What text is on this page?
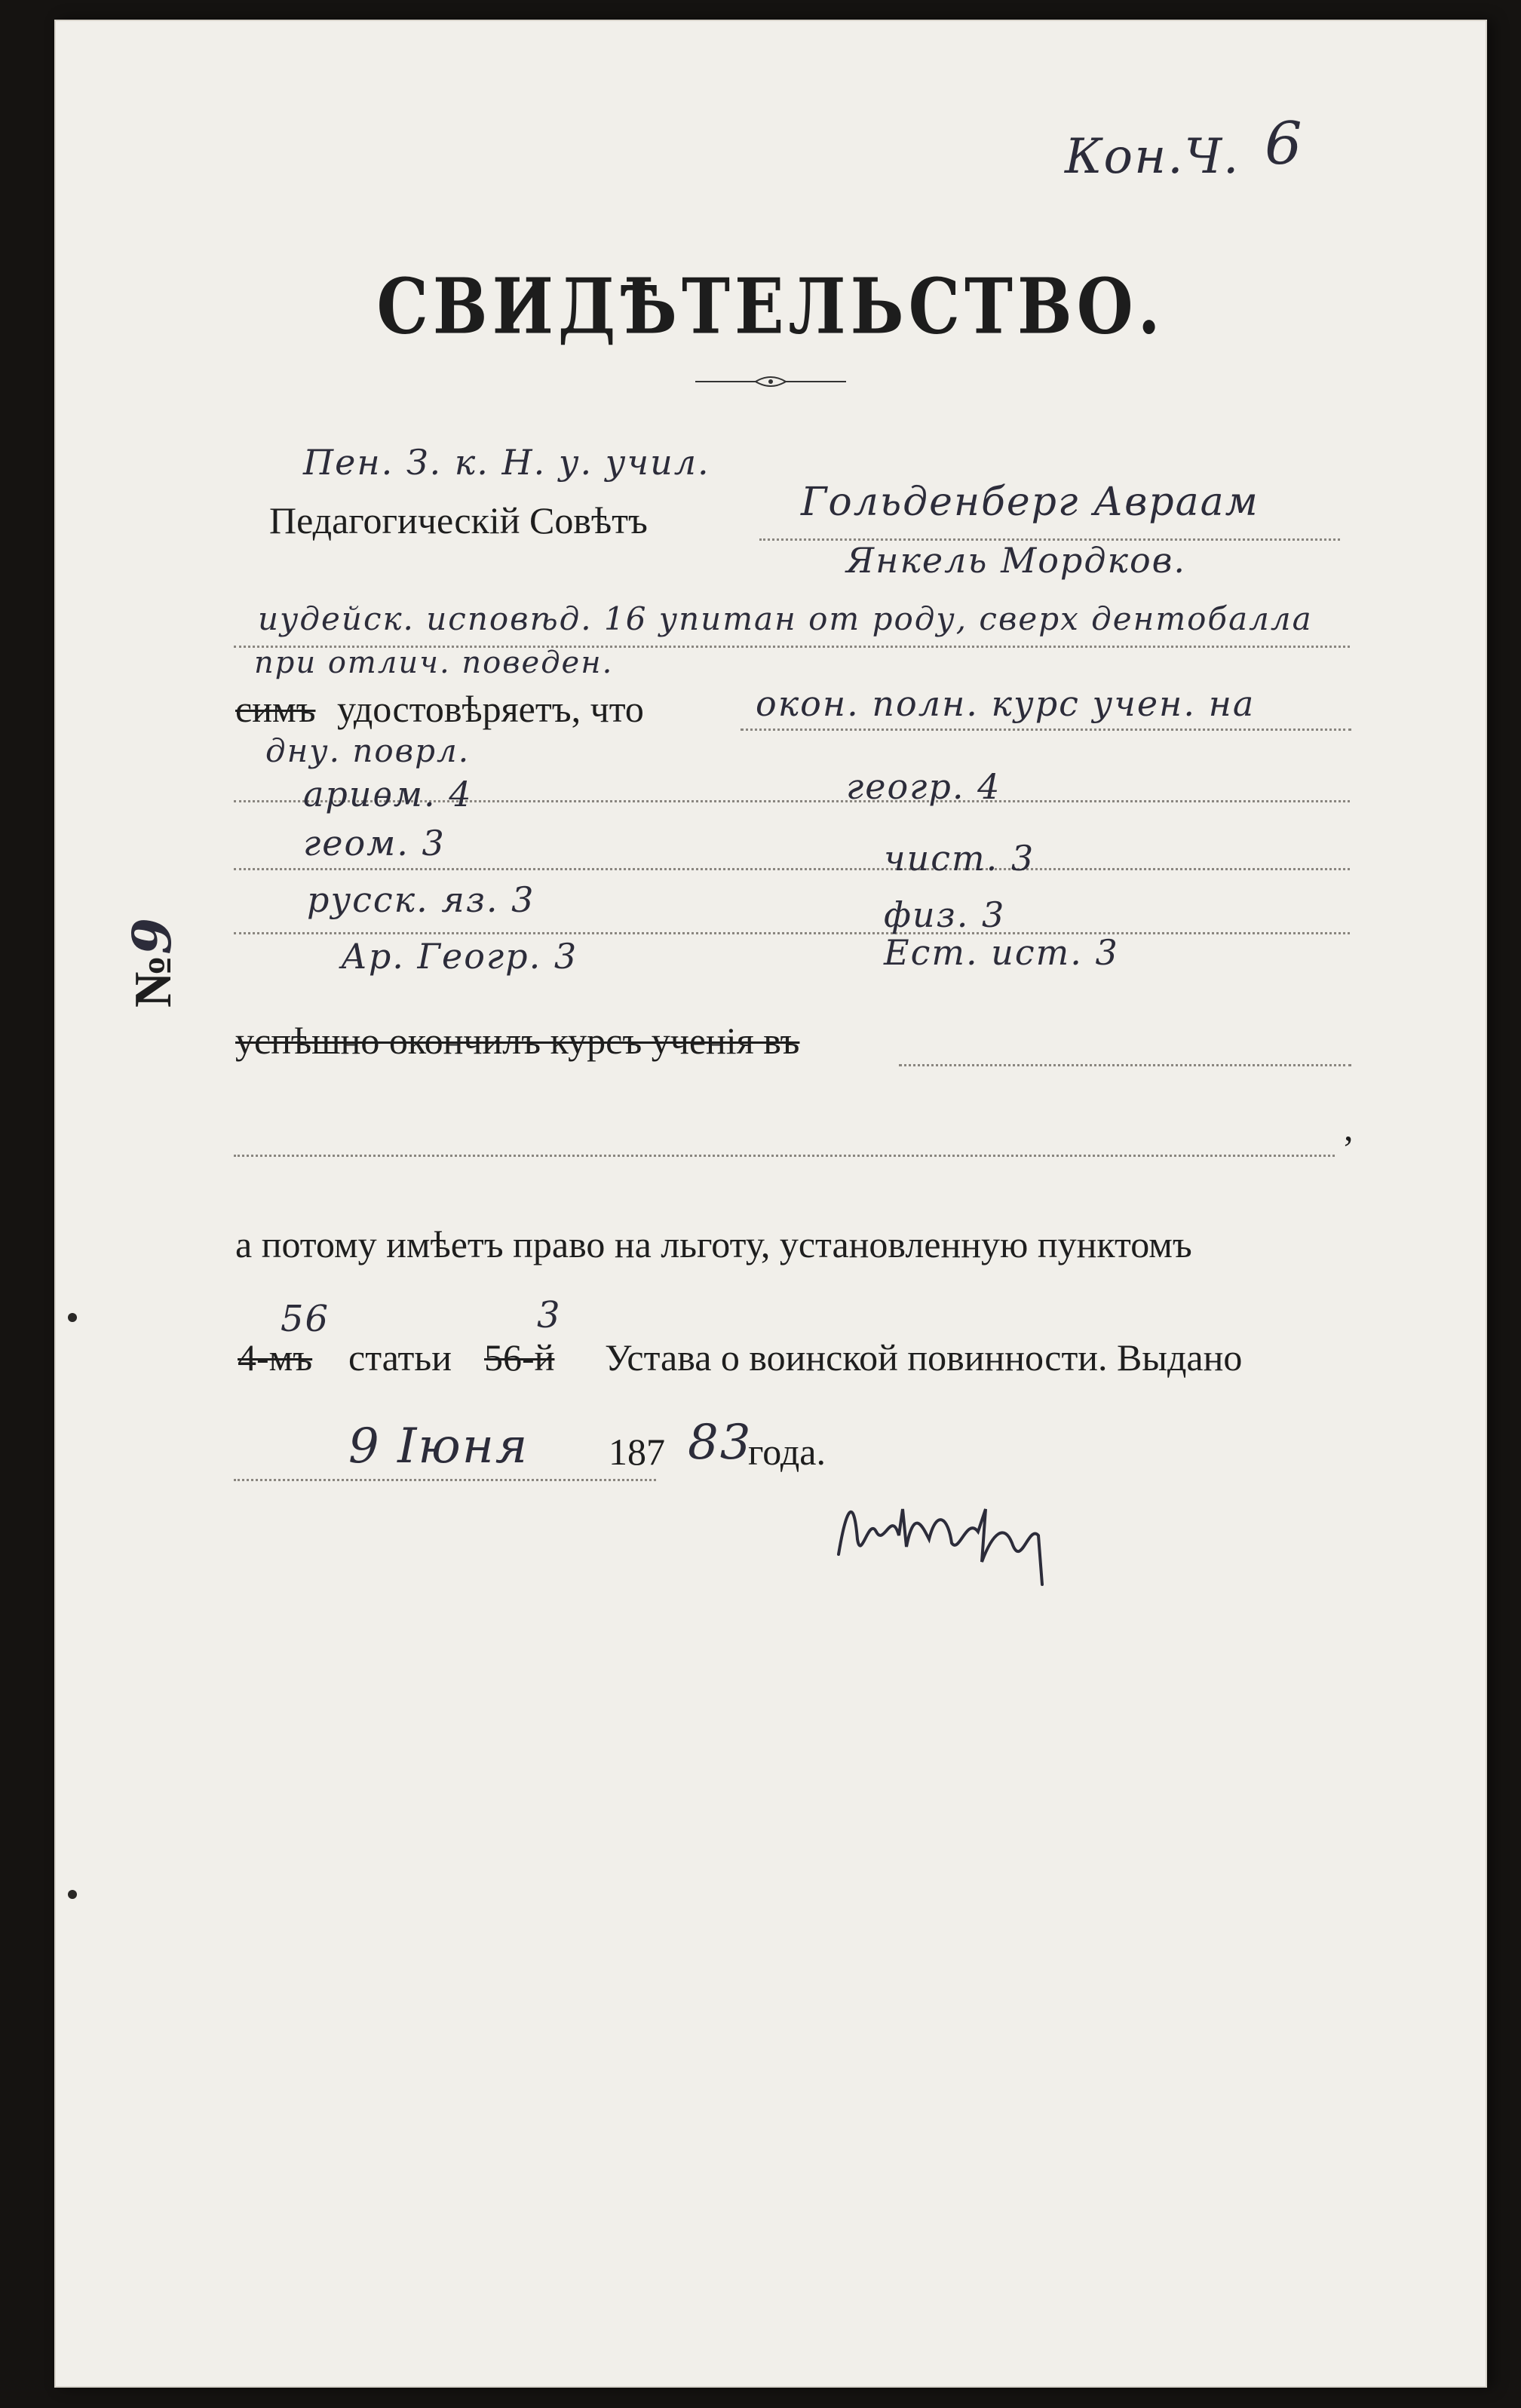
Кон.Ч. 6
СВИДѢТЕЛЬСТВО.
Пен. З. к. Н. у. учил.
Педагогическій Совѣтъ	Гольденберг Авраам
Янкель Мордков.
иудейск. исповѣд. 16 упитан от роду, сверх дентобалла
при отлич. поведен.
симъ удостовѣряетъ, что	окон. полн. курс учен. на
дну. поврл.
ариѳм. 4	геогр. 4
геом. 3	чист. 3
русск. яз. 3	физ. 3
Ар. Геогр. 3	Ест. ист. 3
№9
успѣшно окончилъ курсъ ученія въ
,
а потому имѣетъ право на льготу, установленную пунктомъ
56	3
4-мъ статьи 56-й Устава о воинской повинности. Выдано
9 Іюня 187 83
года.
